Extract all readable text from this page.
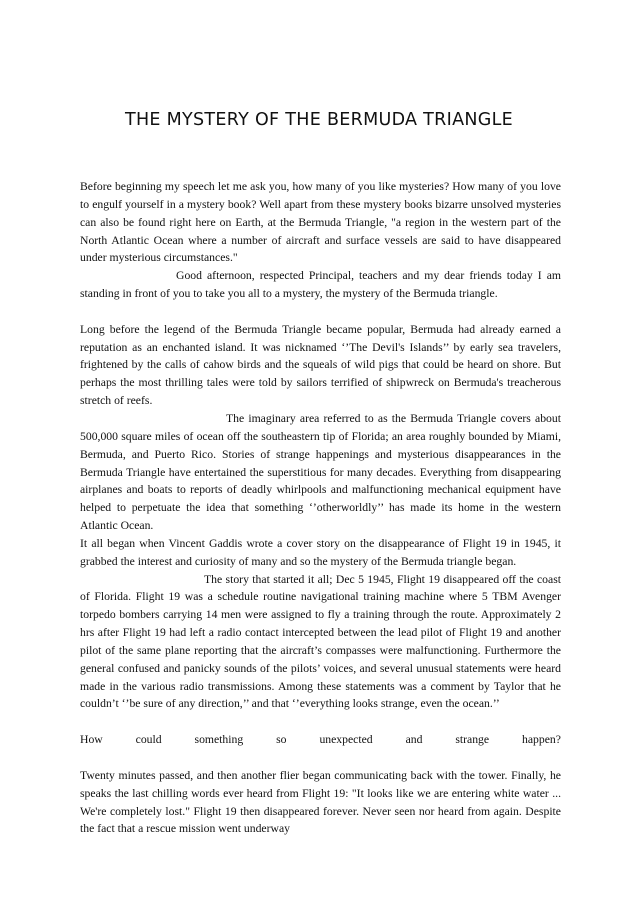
THE MYSTERY OF THE BERMUDA TRIANGLE

Before beginning my speech let me ask you, how many of you like mysteries? How many of you love to engulf yourself in a mystery book? Well apart from these mystery books bizarre unsolved mysteries can also be found right here on Earth, at the Bermuda Triangle, "a region in the western part of the North Atlantic Ocean where a number of aircraft and surface vessels are said to have disappeared under mysterious circumstances."

Good afternoon, respected Principal, teachers and my dear friends today I am standing in front of you to take you all to a mystery, the mystery of the Bermuda triangle.

Long before the legend of the Bermuda Triangle became popular, Bermuda had already earned a reputation as an enchanted island. It was nicknamed ‘’The Devil's Islands’’ by early sea travelers, frightened by the calls of cahow birds and the squeals of wild pigs that could be heard on shore. But perhaps the most thrilling tales were told by sailors terrified of shipwreck on Bermuda's treacherous stretch of reefs.

The imaginary area referred to as the Bermuda Triangle covers about 500,000 square miles of ocean off the southeastern tip of Florida; an area roughly bounded by Miami, Bermuda, and Puerto Rico. Stories of strange happenings and mysterious disappearances in the Bermuda Triangle have entertained the superstitious for many decades. Everything from disappearing airplanes and boats to reports of deadly whirlpools and malfunctioning mechanical equipment have helped to perpetuate the idea that something ‘’otherworldly’’ has made its home in the western Atlantic Ocean.

It all began when Vincent Gaddis wrote a cover story on the disappearance of Flight 19 in 1945, it grabbed the interest and curiosity of many and so the mystery of the Bermuda triangle began.

The story that started it all; Dec 5 1945, Flight 19 disappeared off the coast of Florida. Flight 19 was a schedule routine navigational training machine where 5 TBM Avenger torpedo bombers carrying 14 men were assigned to fly a training through the route. Approximately 2 hrs after Flight 19 had left a radio contact intercepted between the lead pilot of Flight 19 and another pilot of the same plane reporting that the aircraft’s compasses were malfunctioning. Furthermore the general confused and panicky sounds of the pilots’ voices, and several unusual statements were heard made in the various radio transmissions. Among these statements was a comment by Taylor that he couldn’t ‘’be sure of any direction,’’ and that ‘’everything looks strange, even the ocean.’’

How	could	something	so	unexpected	and	strange	happen?

Twenty minutes passed, and then another flier began communicating back with the tower. Finally, he speaks the last chilling words ever heard from Flight 19: "It looks like we are entering white water ... We're completely lost." Flight 19 then disappeared forever. Never seen nor heard from again. Despite the fact that a rescue mission went underway
